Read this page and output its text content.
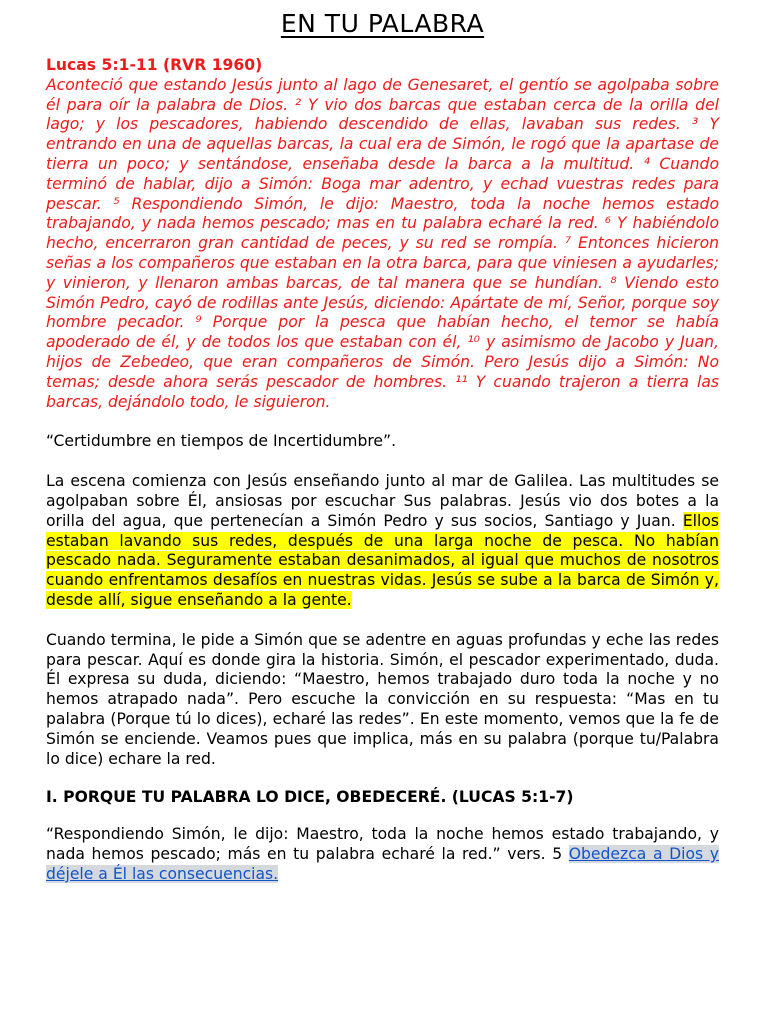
EN TU PALABRA

Lucas 5:1-11 (RVR 1960)

Aconteció que estando Jesús junto al lago de Genesaret, el gentío se agolpaba sobre él para oír la palabra de Dios. ² Y vio dos barcas que estaban cerca de la orilla del lago; y los pescadores, habiendo descendido de ellas, lavaban sus redes. ³ Y entrando en una de aquellas barcas, la cual era de Simón, le rogó que la apartase de tierra un poco; y sentándose, enseñaba desde la barca a la multitud. ⁴ Cuando terminó de hablar, dijo a Simón: Boga mar adentro, y echad vuestras redes para pescar. ⁵ Respondiendo Simón, le dijo: Maestro, toda la noche hemos estado trabajando, y nada hemos pescado; mas en tu palabra echaré la red. ⁶ Y habiéndolo hecho, encerraron gran cantidad de peces, y su red se rompía. ⁷ Entonces hicieron señas a los compañeros que estaban en la otra barca, para que viniesen a ayudarles; y vinieron, y llenaron ambas barcas, de tal manera que se hundían. ⁸ Viendo esto Simón Pedro, cayó de rodillas ante Jesús, diciendo: Apártate de mí, Señor, porque soy hombre pecador. ⁹ Porque por la pesca que habían hecho, el temor se había apoderado de él, y de todos los que estaban con él, ¹⁰ y asimismo de Jacobo y Juan, hijos de Zebedeo, que eran compañeros de Simón. Pero Jesús dijo a Simón: No temas; desde ahora serás pescador de hombres. ¹¹ Y cuando trajeron a tierra las barcas, dejándolo todo, le siguieron.

“Certidumbre en tiempos de Incertidumbre”.

La escena comienza con Jesús enseñando junto al mar de Galilea. Las multitudes se agolpaban sobre Él, ansiosas por escuchar Sus palabras. Jesús vio dos botes a la orilla del agua, que pertenecían a Simón Pedro y sus socios, Santiago y Juan. Ellos estaban lavando sus redes, después de una larga noche de pesca. No habían pescado nada. Seguramente estaban desanimados, al igual que muchos de nosotros cuando enfrentamos desafíos en nuestras vidas. Jesús se sube a la barca de Simón y, desde allí, sigue enseñando a la gente.

Cuando termina, le pide a Simón que se adentre en aguas profundas y eche las redes para pescar. Aquí es donde gira la historia. Simón, el pescador experimentado, duda. Él expresa su duda, diciendo: “Maestro, hemos trabajado duro toda la noche y no hemos atrapado nada”. Pero escuche la convicción en su respuesta: “Mas en tu palabra (Porque tú lo dices), echaré las redes”. En este momento, vemos que la fe de Simón se enciende. Veamos pues que implica, más en su palabra (porque tu/Palabra lo dice) echare la red.

I. PORQUE TU PALABRA LO DICE, OBEDECERÉ. (LUCAS 5:1-7)

“Respondiendo Simón, le dijo: Maestro, toda la noche hemos estado trabajando, y nada hemos pescado; más en tu palabra echaré la red.” vers. 5 Obedezca a Dios y déjele a Él las consecuencias.
